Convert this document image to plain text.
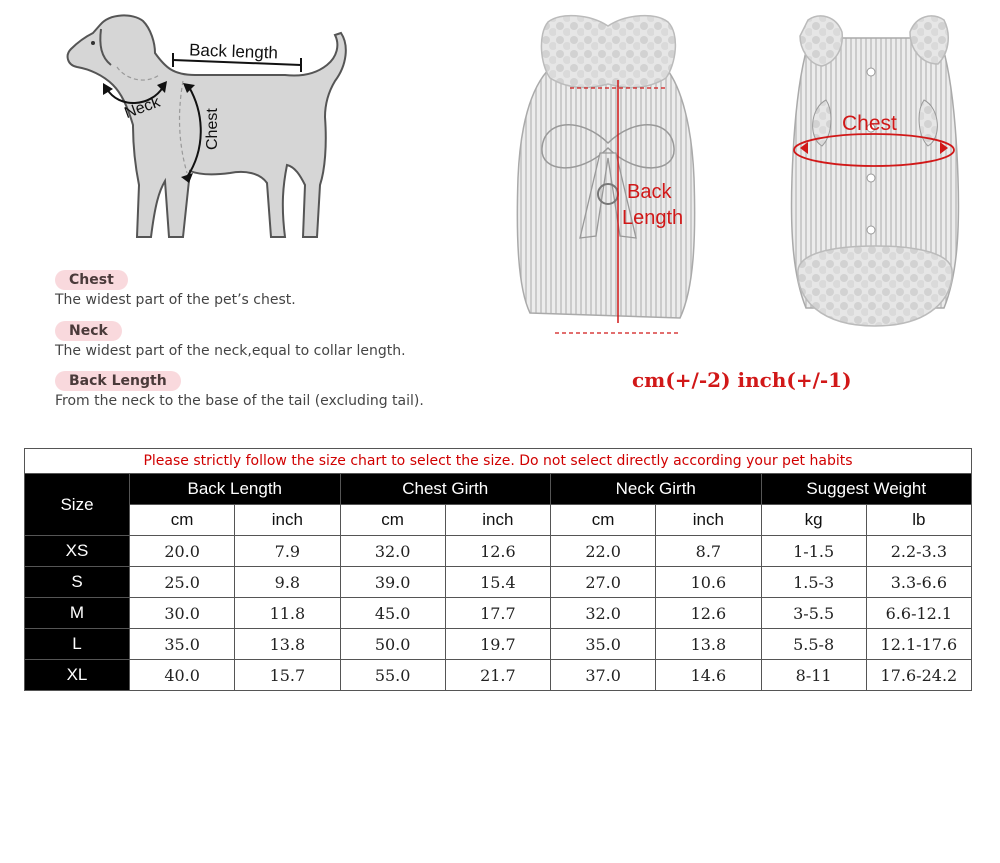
Back length
Neck
Chest
Chest
The widest part of the pet’s chest.
Neck
The widest part of the neck,equal to collar length.
Back Length
From the neck to the base of the tail (excluding tail).
Back
Length
Chest
cm(+/-2) inch(+/-1)
Please strictly follow the size chart to select the size. Do not select directly according your pet habits								
Size	Back Length		Chest Girth		Neck Girth		Suggest Weight	
	cm	inch	cm	inch	cm	inch	kg	lb
XS	20.0	7.9	32.0	12.6	22.0	8.7	1-1.5	2.2-3.3
S	25.0	9.8	39.0	15.4	27.0	10.6	1.5-3	3.3-6.6
M	30.0	11.8	45.0	17.7	32.0	12.6	3-5.5	6.6-12.1
L	35.0	13.8	50.0	19.7	35.0	13.8	5.5-8	12.1-17.6
XL	40.0	15.7	55.0	21.7	37.0	14.6	8-11	17.6-24.2
